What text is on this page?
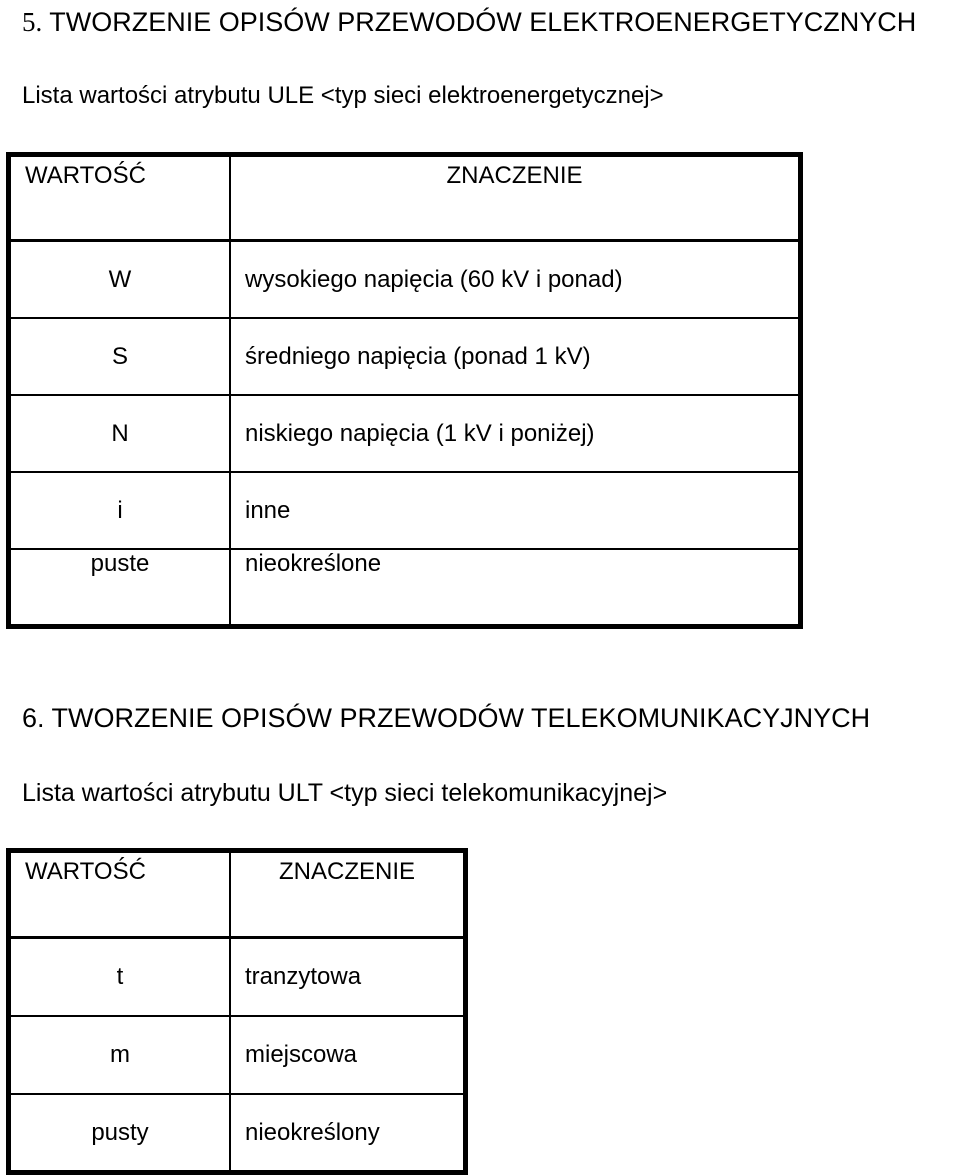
5. TWORZENIE OPISÓW PRZEWODÓW ELEKTROENERGETYCZNYCH
Lista wartości atrybutu ULE <typ sieci elektroenergetycznej>
WARTOŚĆ	ZNACZENIE
W	wysokiego napięcia (60 kV i ponad)
S	średniego napięcia (ponad 1 kV)
N	niskiego napięcia (1 kV i poniżej)
i	inne
puste	nieokreślone
6. TWORZENIE OPISÓW PRZEWODÓW TELEKOMUNIKACYJNYCH
Lista wartości atrybutu ULT <typ sieci telekomunikacyjnej>
WARTOŚĆ	ZNACZENIE
t	tranzytowa
m	miejscowa
pusty	nieokreślony
